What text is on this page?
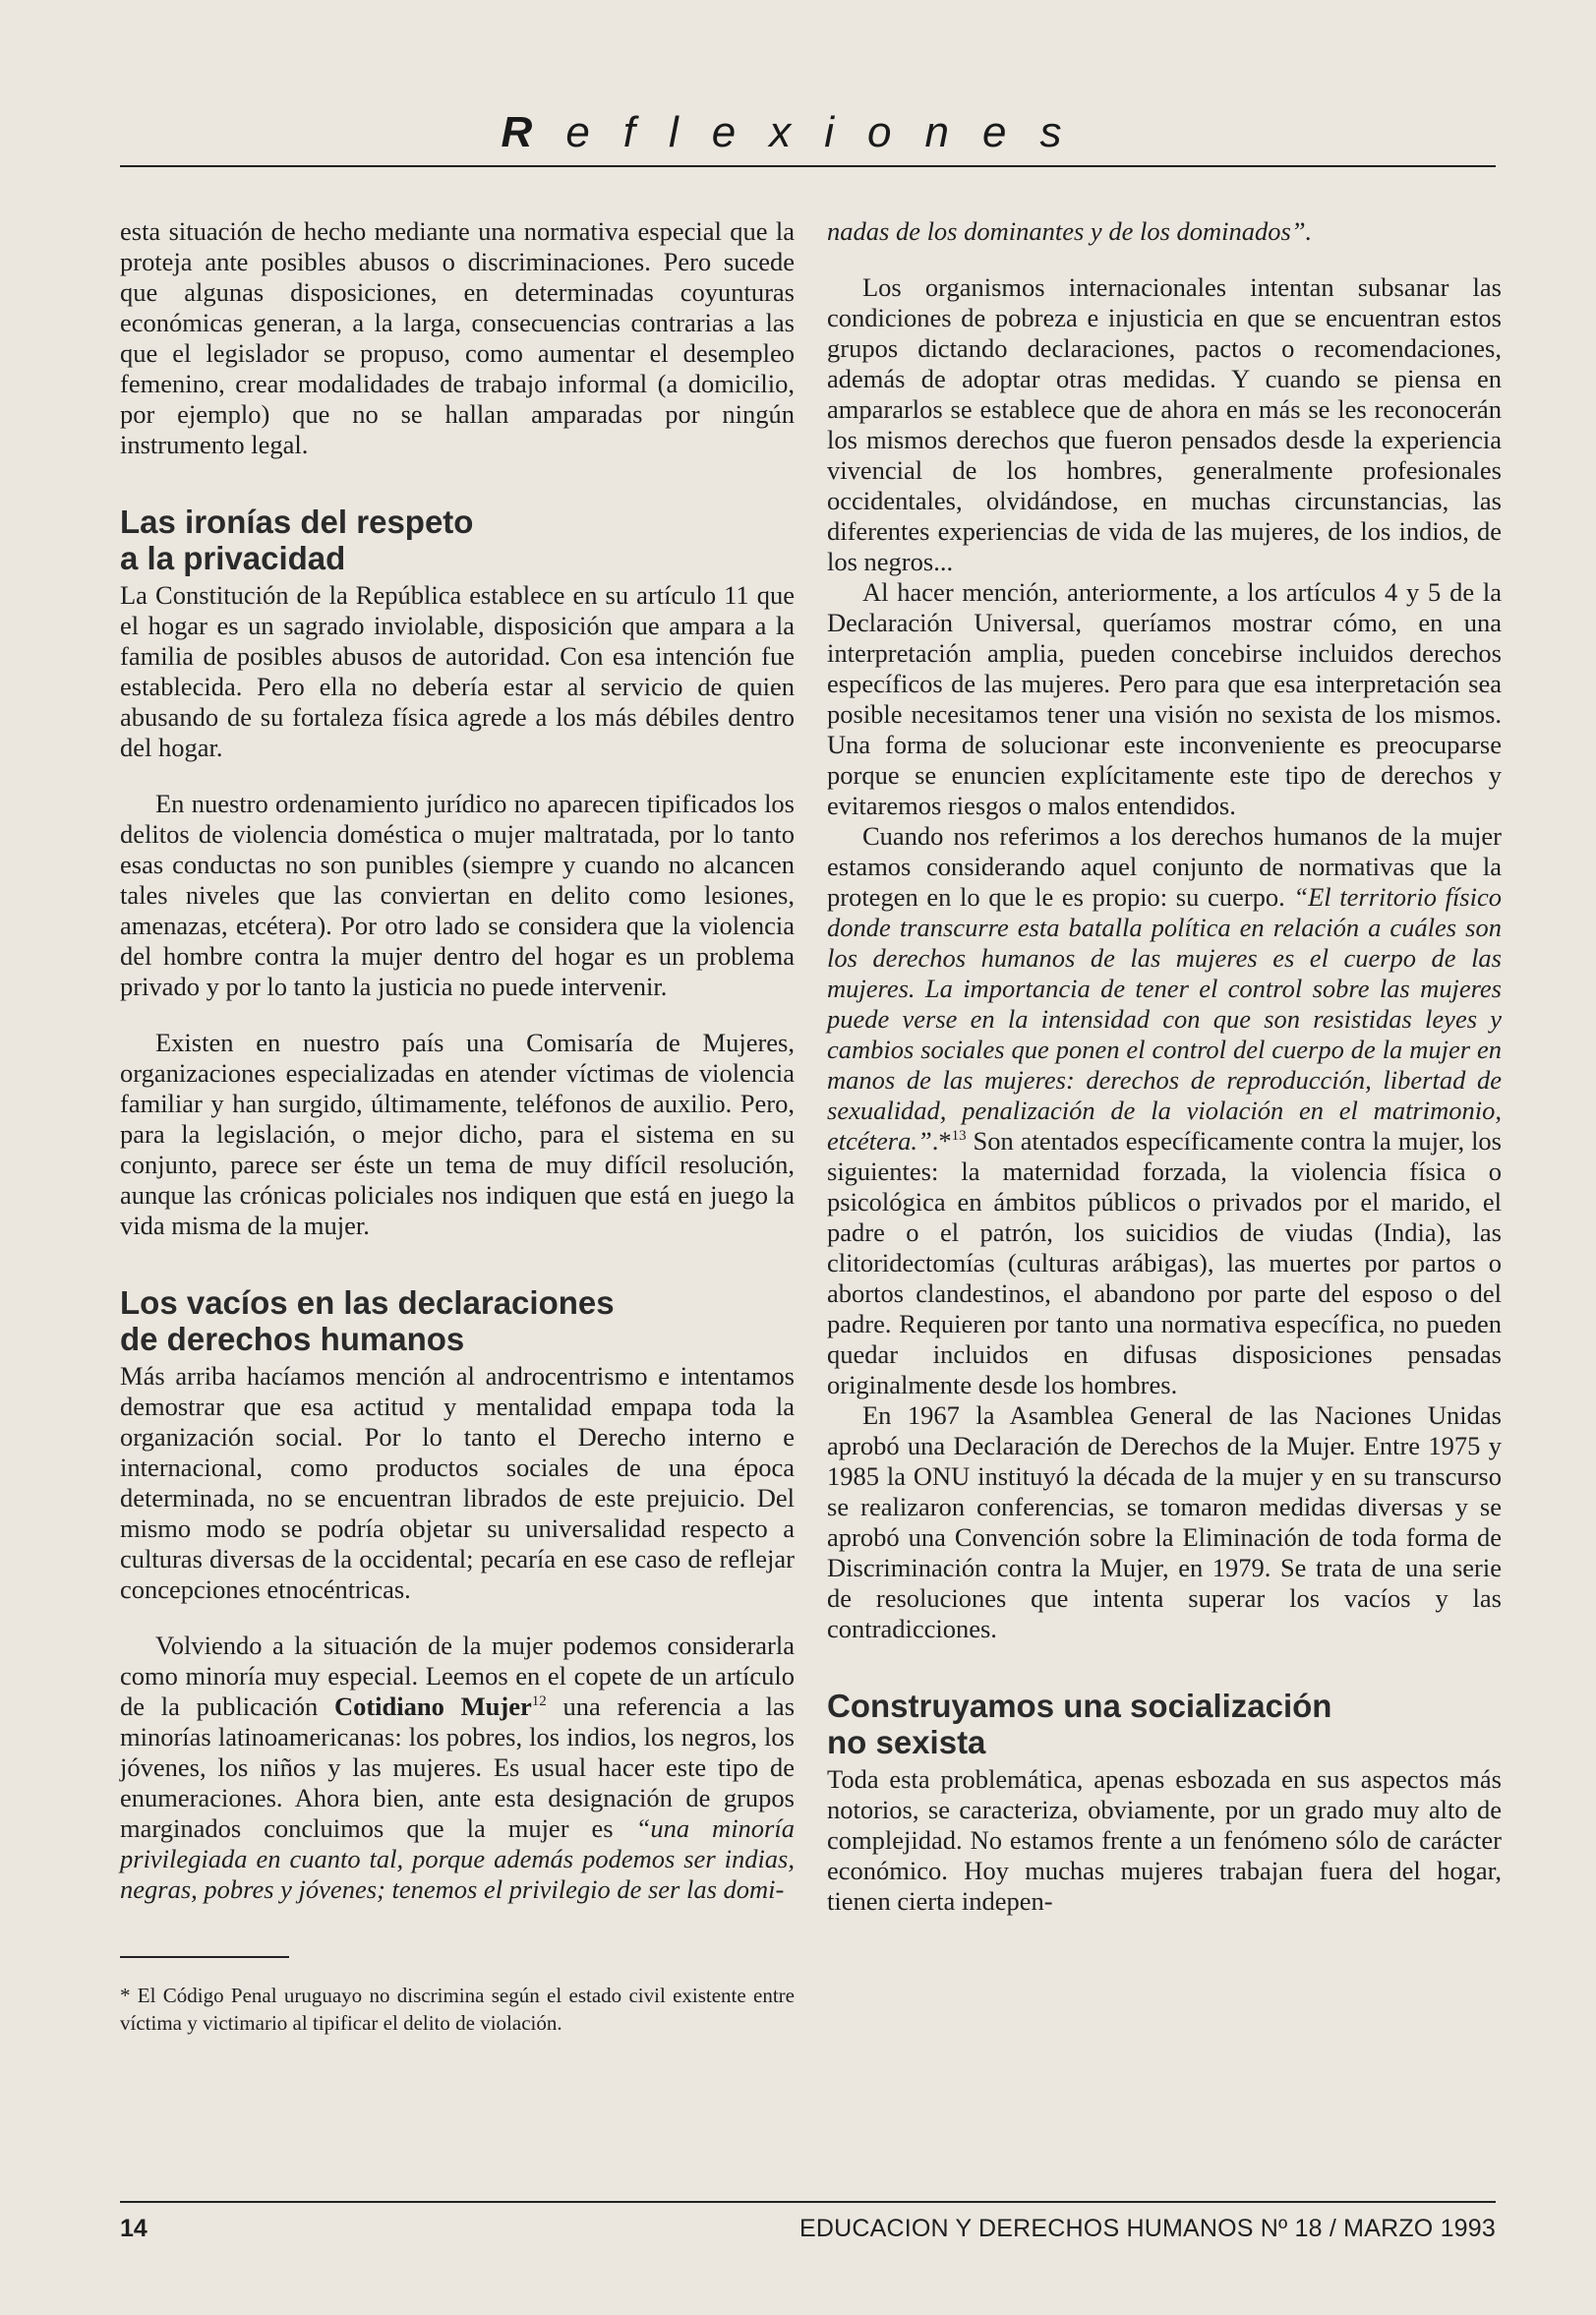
Reflexiones

esta situación de hecho mediante una normativa especial que la proteja ante posibles abusos o discriminaciones. Pero sucede que algunas disposiciones, en determinadas coyunturas económicas generan, a la larga, consecuencias contrarias a las que el legislador se propuso, como aumentar el desempleo femenino, crear modalidades de trabajo informal (a domicilio, por ejemplo) que no se hallan amparadas por ningún instrumento legal.

Las ironías del respeto
a la privacidad

La Constitución de la República establece en su artículo 11 que el hogar es un sagrado inviolable, disposición que ampara a la familia de posibles abusos de autoridad. Con esa intención fue establecida. Pero ella no debería estar al servicio de quien abusando de su fortaleza física agrede a los más débiles dentro del hogar.

En nuestro ordenamiento jurídico no aparecen tipificados los delitos de violencia doméstica o mujer maltratada, por lo tanto esas conductas no son punibles (siempre y cuando no alcancen tales niveles que las conviertan en delito como lesiones, amenazas, etcétera). Por otro lado se considera que la violencia del hombre contra la mujer dentro del hogar es un problema privado y por lo tanto la justicia no puede intervenir.

Existen en nuestro país una Comisaría de Mujeres, organizaciones especializadas en atender víctimas de violencia familiar y han surgido, últimamente, teléfonos de auxilio. Pero, para la legislación, o mejor dicho, para el sistema en su conjunto, parece ser éste un tema de muy difícil resolución, aunque las crónicas policiales nos indiquen que está en juego la vida misma de la mujer.

Los vacíos en las declaraciones
de derechos humanos

Más arriba hacíamos mención al androcentrismo e intentamos demostrar que esa actitud y mentalidad empapa toda la organización social. Por lo tanto el Derecho interno e internacional, como productos sociales de una época determinada, no se encuentran librados de este prejuicio. Del mismo modo se podría objetar su universalidad respecto a culturas diversas de la occidental; pecaría en ese caso de reflejar concepciones etnocéntricas.

Volviendo a la situación de la mujer podemos considerarla como minoría muy especial. Leemos en el copete de un artículo de la publicación Cotidiano Mujer$^{12}$ una referencia a las minorías latinoamericanas: los pobres, los indios, los negros, los jóvenes, los niños y las mujeres. Es usual hacer este tipo de enumeraciones. Ahora bien, ante esta designación de grupos marginados concluimos que la mujer es “una minoría privilegiada en cuanto tal, porque además podemos ser indias, negras, pobres y jóvenes; tenemos el privilegio de ser las domi-

* El Código Penal uruguayo no discrimina según el estado civil existente entre víctima y victimario al tipificar el delito de violación.

nadas de los dominantes y de los dominados”.

Los organismos internacionales intentan subsanar las condiciones de pobreza e injusticia en que se encuentran estos grupos dictando declaraciones, pactos o recomendaciones, además de adoptar otras medidas. Y cuando se piensa en ampararlos se establece que de ahora en más se les reconocerán los mismos derechos que fueron pensados desde la experiencia vivencial de los hombres, generalmente profesionales occidentales, olvidándose, en muchas circunstancias, las diferentes experiencias de vida de las mujeres, de los indios, de los negros...

Al hacer mención, anteriormente, a los artículos 4 y 5 de la Declaración Universal, queríamos mostrar cómo, en una interpretación amplia, pueden concebirse incluidos derechos específicos de las mujeres. Pero para que esa interpretación sea posible necesitamos tener una visión no sexista de los mismos. Una forma de solucionar este inconveniente es preocuparse porque se enuncien explícitamente este tipo de derechos y evitaremos riesgos o malos entendidos.

Cuando nos referimos a los derechos humanos de la mujer estamos considerando aquel conjunto de normativas que la protegen en lo que le es propio: su cuerpo. “El territorio físico donde transcurre esta batalla política en relación a cuáles son los derechos humanos de las mujeres es el cuerpo de las mujeres. La importancia de tener el control sobre las mujeres puede verse en la intensidad con que son resistidas leyes y cambios sociales que ponen el control del cuerpo de la mujer en manos de las mujeres: derechos de reproducción, libertad de sexualidad, penalización de la violación en el matrimonio, etcétera.”.*$^{13}$ Son atentados específicamente contra la mujer, los siguientes: la maternidad forzada, la violencia física o psicológica en ámbitos públicos o privados por el marido, el padre o el patrón, los suicidios de viudas (India), las clitoridectomías (culturas arábigas), las muertes por partos o abortos clandestinos, el abandono por parte del esposo o del padre. Requieren por tanto una normativa específica, no pueden quedar incluidos en difusas disposiciones pensadas originalmente desde los hombres.

En 1967 la Asamblea General de las Naciones Unidas aprobó una Declaración de Derechos de la Mujer. Entre 1975 y 1985 la ONU instituyó la década de la mujer y en su transcurso se realizaron conferencias, se tomaron medidas diversas y se aprobó una Convención sobre la Eliminación de toda forma de Discriminación contra la Mujer, en 1979. Se trata de una serie de resoluciones que intenta superar los vacíos y las contradicciones.

Construyamos una socialización
no sexista

Toda esta problemática, apenas esbozada en sus aspectos más notorios, se caracteriza, obviamente, por un grado muy alto de complejidad. No estamos frente a un fenómeno sólo de carácter económico. Hoy muchas mujeres trabajan fuera del hogar, tienen cierta indepen-

14	EDUCACION Y DERECHOS HUMANOS Nº 18 / MARZO 1993
